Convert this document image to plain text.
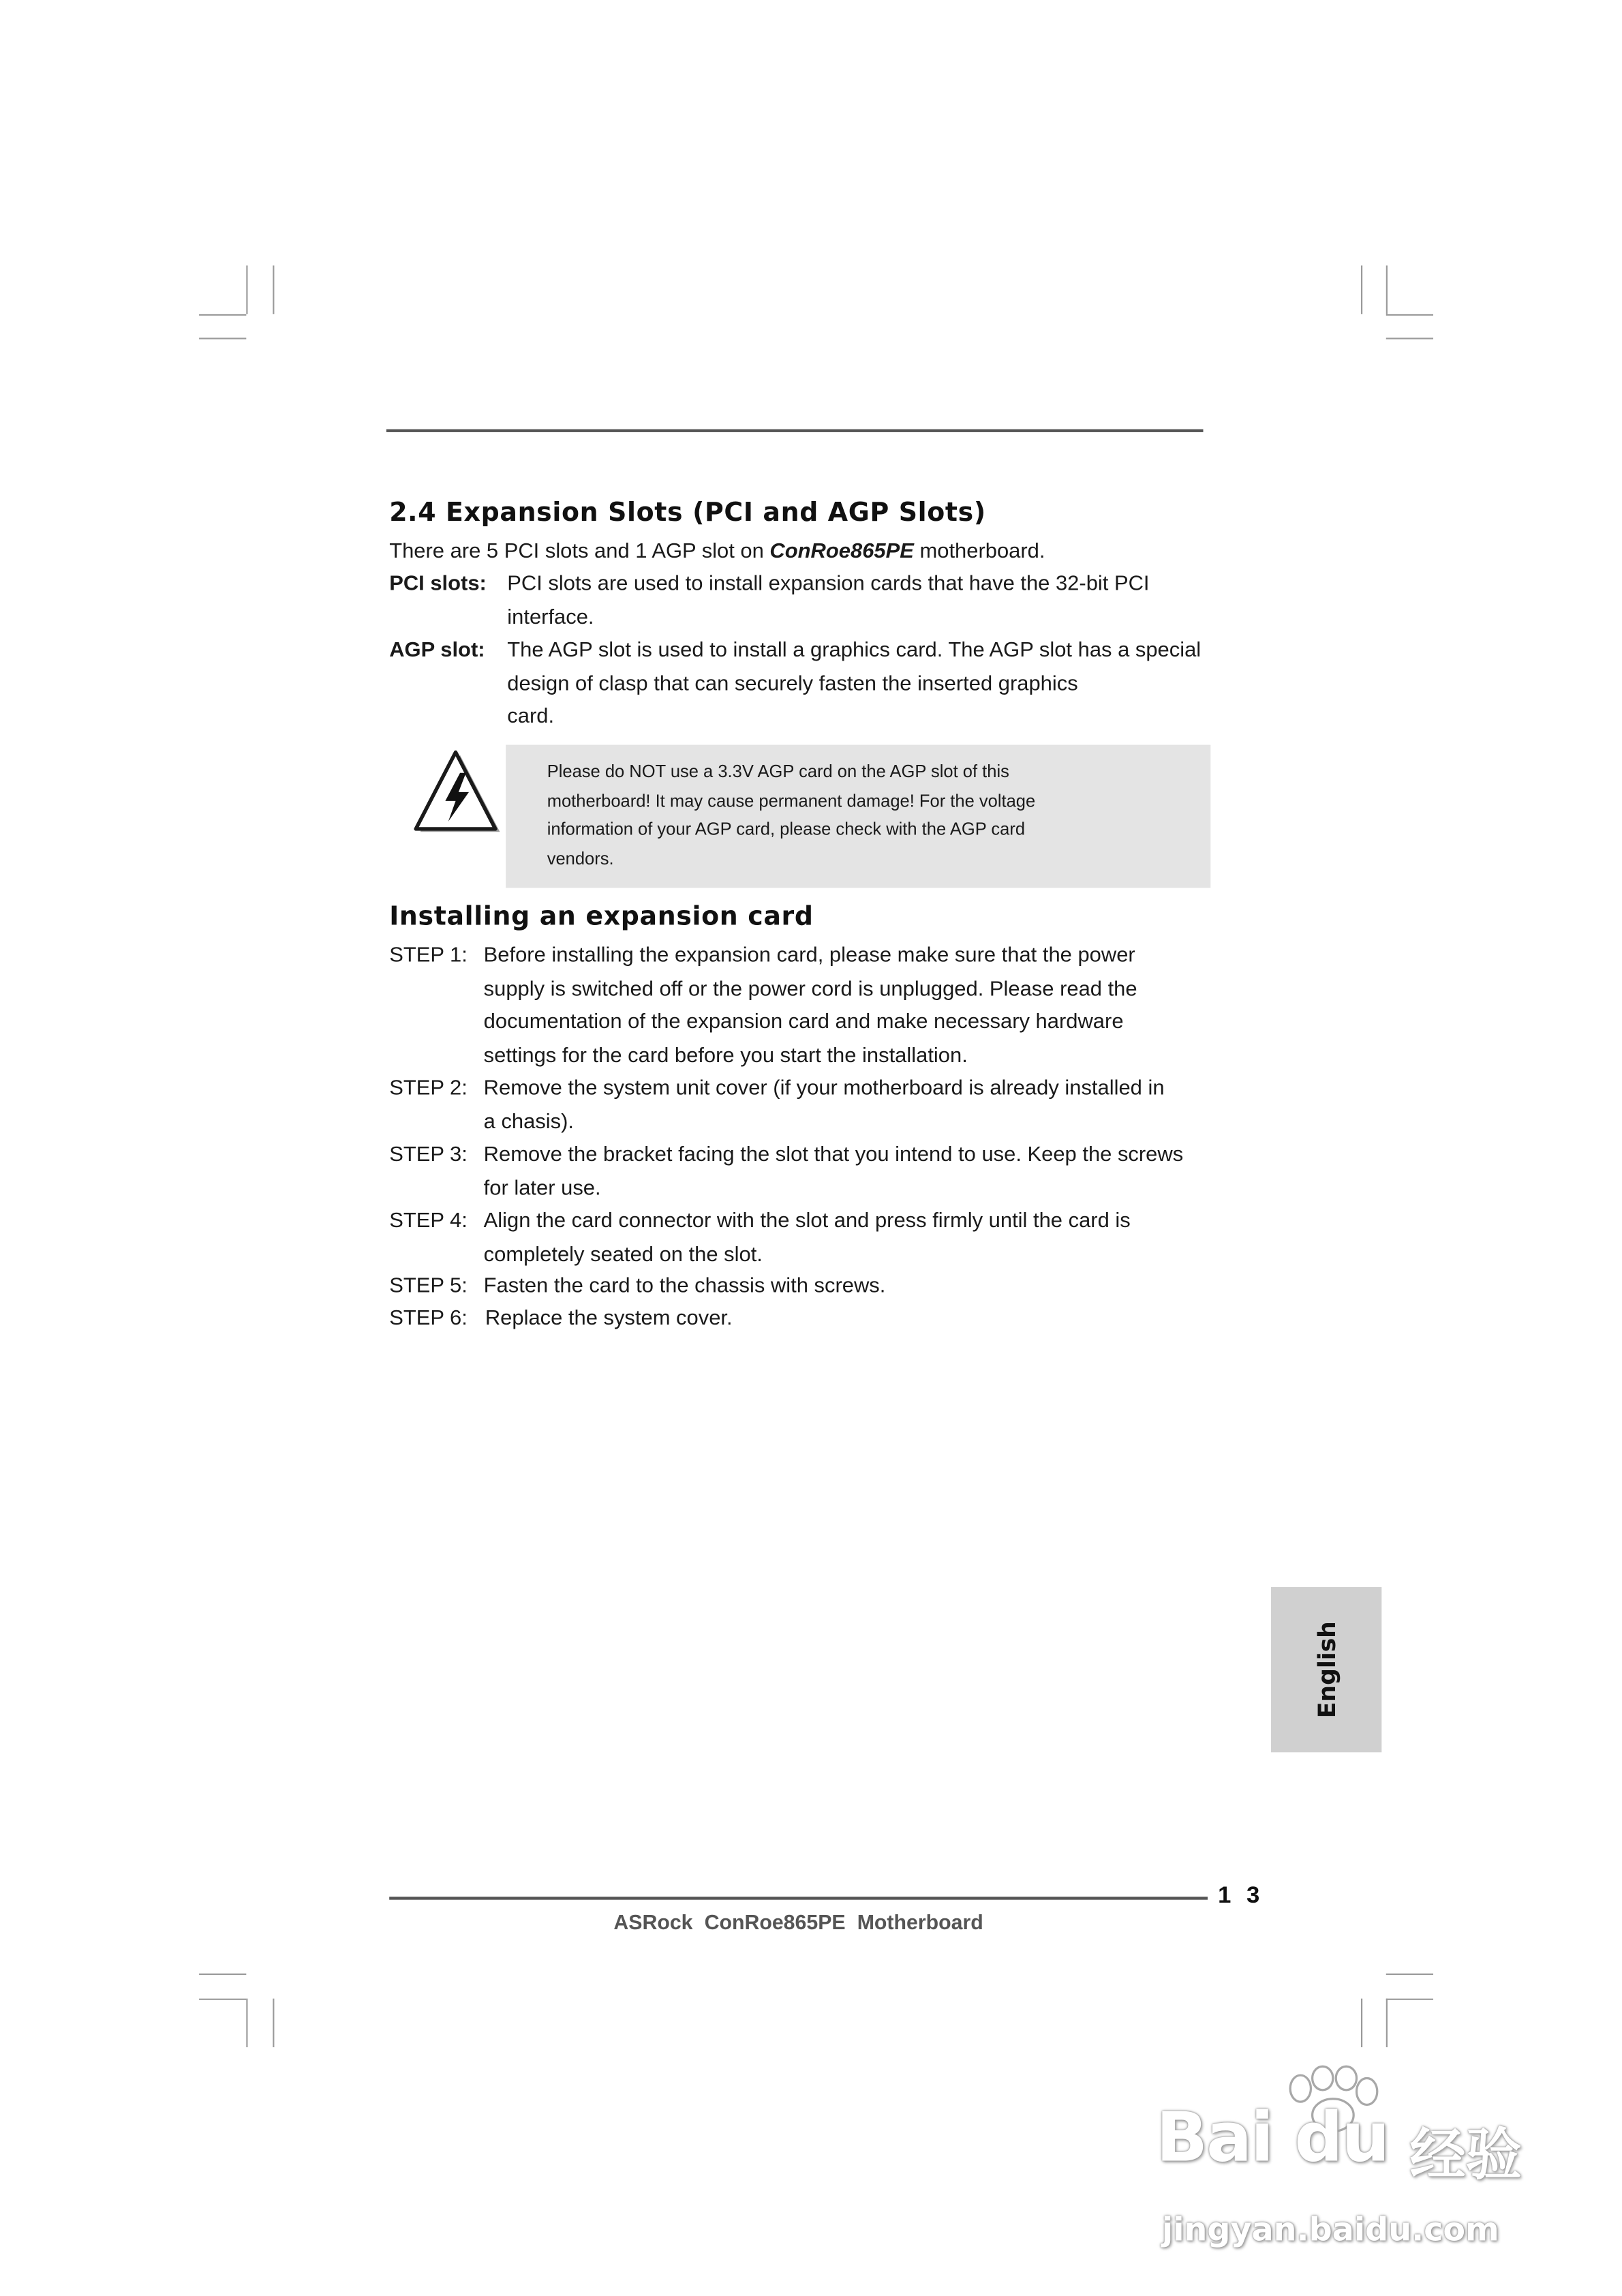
2.4 Expansion Slots (PCI and AGP Slots)
There are 5 PCI slots and 1 AGP slot on ConRoe865PE motherboard.
PCI slots: PCI slots are used to install expansion cards that have the 32-bit PCI
interface.
AGP slot: The AGP slot is used to install a graphics card. The AGP slot has a special
design of clasp that can securely fasten the inserted graphics
card.
Please do NOT use a 3.3V AGP card on the AGP slot of this
motherboard! It may cause permanent damage! For the voltage
information of your AGP card, please check with the AGP card
vendors.
Installing an expansion card
STEP 1: Before installing the expansion card, please make sure that the power
supply is switched off or the power cord is unplugged. Please read the
documentation of the expansion card and make necessary hardware
settings for the card before you start the installation.
STEP 2: Remove the system unit cover (if your motherboard is already installed in
a chasis).
STEP 3: Remove the bracket facing the slot that you intend to use. Keep the screws
for later use.
STEP 4: Align the card connector with the slot and press firmly until the card is
completely seated on the slot.
STEP 5: Fasten the card to the chassis with screws.
STEP 6: Replace the system cover.
English
1 3
ASRock ConRoe865PE Motherboard
Bai du 经验
jingyan.baidu.com
